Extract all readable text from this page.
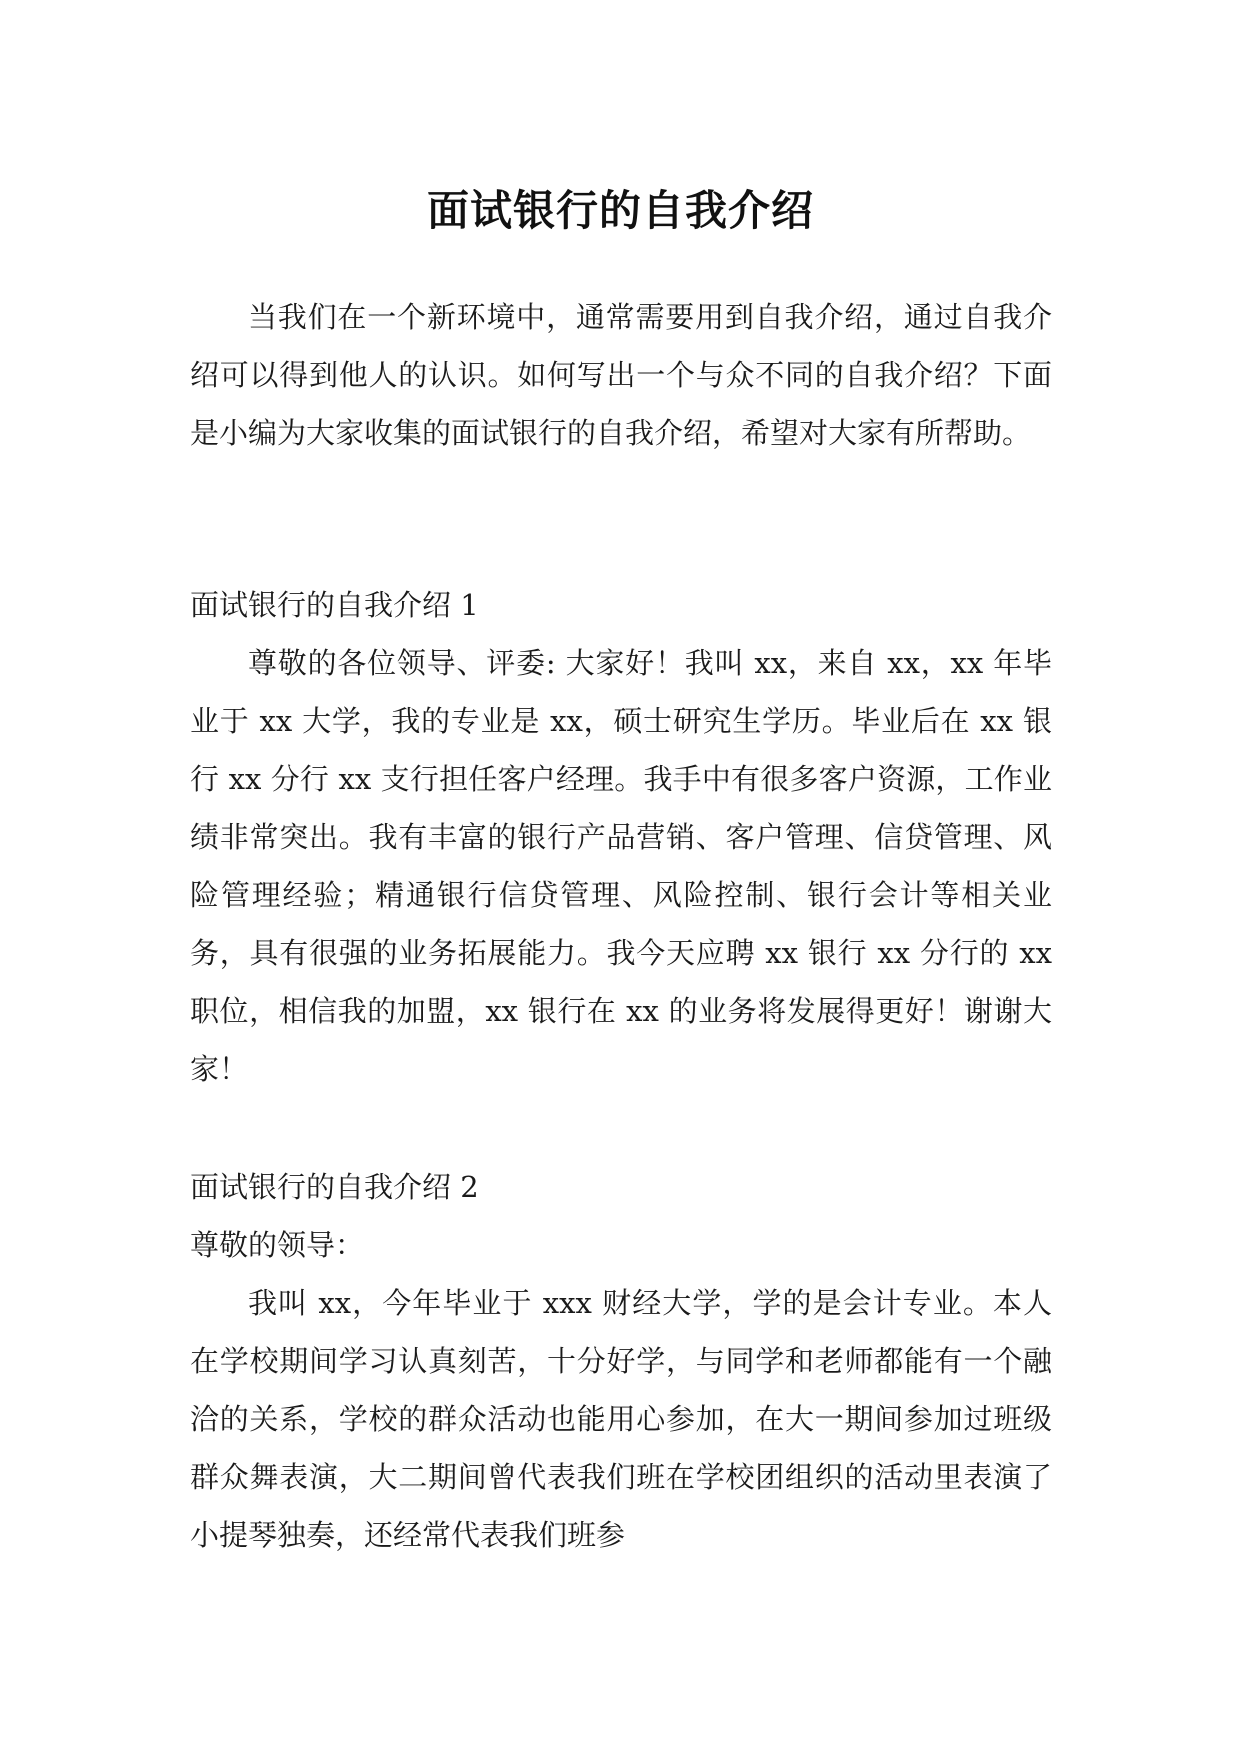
面试银行的自我介绍

当我们在一个新环境中，通常需要用到自我介绍，通过自我介绍可以得到他人的认识。如何写出一个与众不同的自我介绍？下面是小编为大家收集的面试银行的自我介绍，希望对大家有所帮助。

面试银行的自我介绍 1

尊敬的各位领导、评委: 大家好！我叫 xx，来自 xx，xx 年毕业于 xx 大学，我的专业是 xx，硕士研究生学历。毕业后在 xx 银行 xx 分行 xx 支行担任客户经理。我手中有很多客户资源，工作业绩非常突出。我有丰富的银行产品营销、客户管理、信贷管理、风险管理经验；精通银行信贷管理、风险控制、银行会计等相关业务，具有很强的业务拓展能力。我今天应聘 xx 银行 xx 分行的 xx 职位，相信我的加盟，xx 银行在 xx 的业务将发展得更好！谢谢大家！

面试银行的自我介绍 2

尊敬的领导：

我叫 xx，今年毕业于 xxx 财经大学，学的是会计专业。本人在学校期间学习认真刻苦，十分好学，与同学和老师都能有一个融洽的关系，学校的群众活动也能用心参加，在大一期间参加过班级群众舞表演，大二期间曾代表我们班在学校团组织的活动里表演了小提琴独奏，还经常代表我们班参
